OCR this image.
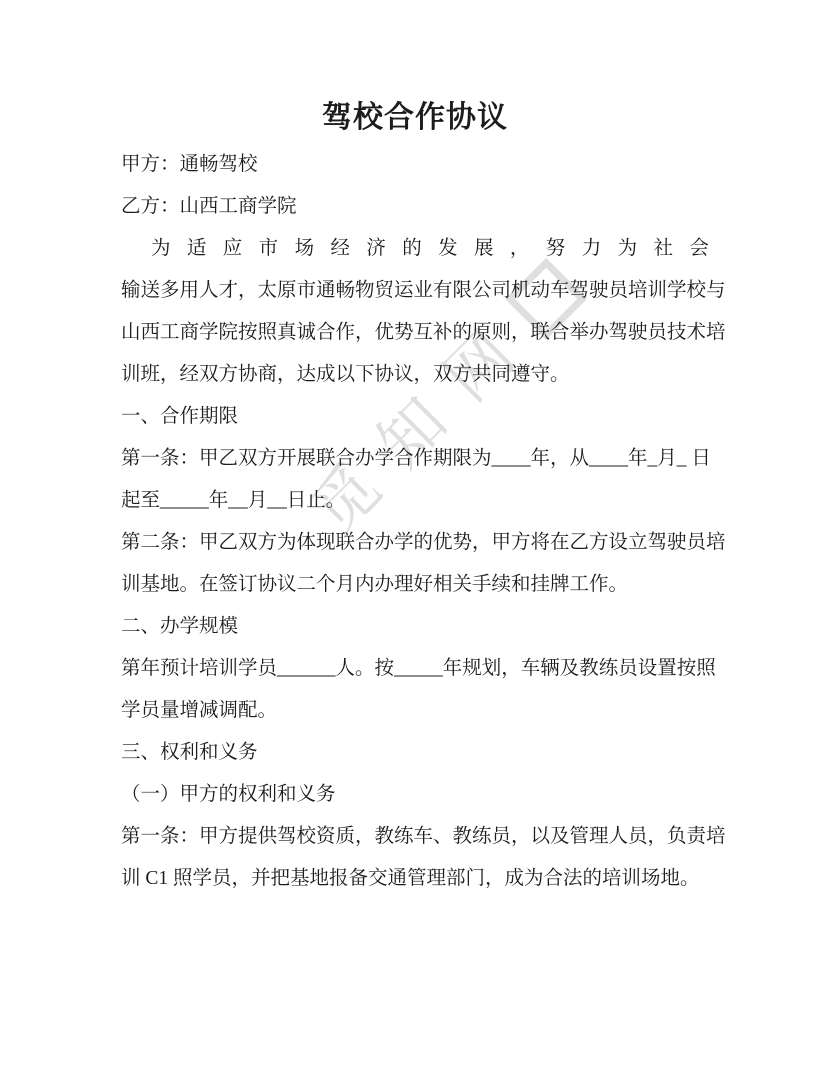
觅
知
网
驾校合作协议
甲方：通畅驾校
乙方：山西工商学院
为 适 应 市 场 经 济 的 发 展 ， 努 力 为 社 会
输送多用人才，太原市通畅物贸运业有限公司机动车驾驶员培训学校与
山西工商学院按照真诚合作，优势互补的原则，联合举办驾驶员技术培
训班，经双方协商，达成以下协议，双方共同遵守。
一、合作期限
第一条：甲乙双方开展联合办学合作期限为____年，从____年_月_ 日
起至_____年__月__日止。
第二条：甲乙双方为体现联合办学的优势，甲方将在乙方设立驾驶员培
训基地。在签订协议二个月内办理好相关手续和挂牌工作。
二、办学规模
第年预计培训学员______人。按_____年规划，车辆及教练员设置按照
学员量增减调配。
三、权利和义务
（一）甲方的权利和义务
第一条：甲方提供驾校资质，教练车、教练员，以及管理人员，负责培
训 C1 照学员，并把基地报备交通管理部门，成为合法的培训场地。
